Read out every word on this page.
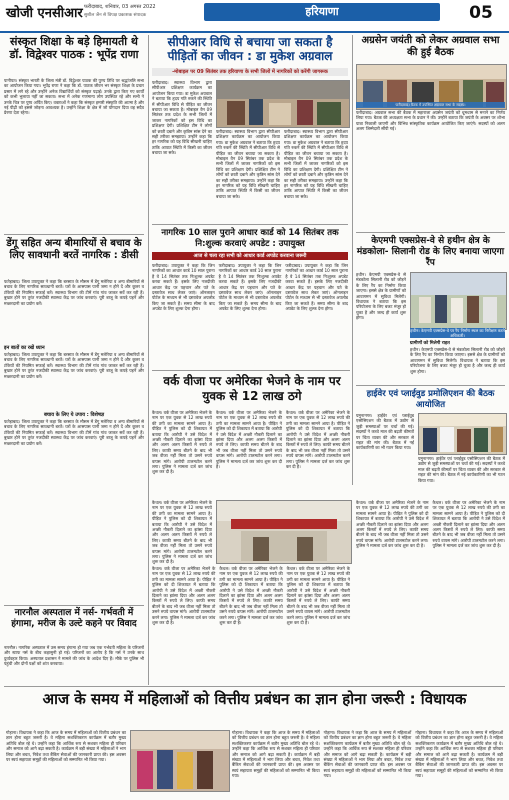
खोजी एनसीआर फरीदाबाद, शनिवार, 03 अगस्त 2022
सुशील जैन से विपक्ष प्रकाशक संपादक	हरियाणा	05
संस्कृत शिक्षा के बड़े हिमायती थे डॉ. विद्वेश्वर पाठक : भूपेंद्र राणा
पानीपत। संस्कृत भारती के जिला मंत्री डॉ. विद्वेश्वर पाठक की पुण्य तिथि पर श्रद्धांजलि सभा का आयोजन किया गया। भूपेंद्र राणा ने कहा कि डॉ. पाठक जीवन भर संस्कृत शिक्षा के प्रचार प्रसार में लगे रहे और उन्होंने अनेक विद्यार्थियों को संस्कृत पढ़ाई। उनके द्वारा किए गए कार्यों को कभी भुलाया नहीं जा सकता। सभा में अनेक गणमान्य लोग उपस्थित रहे और सभी ने उनके चित्र पर पुष्प अर्पित किए। वक्ताओं ने कहा कि संस्कृत हमारी संस्कृति की आत्मा है और नई पीढ़ी को इससे जोड़ना आवश्यक है। उन्होंने शिक्षा के क्षेत्र में जो योगदान दिया वह सदैव प्रेरणा देता रहेगा।
डेंगू सहित अन्य बीमारियों से बचाव के लिए सावधानी बरतें नागरिक : डीसी
फतेहाबाद। जिला उपायुक्त ने कहा कि बरसात के मौसम में डेंगू मलेरिया व अन्य बीमारियों से बचाव के लिए नागरिक सावधानी बरतें। घरों के आसपास पानी जमा न होने दें और कूलर व टंकियों की नियमित सफाई करें। स्वास्थ्य विभाग की टीमें गांव गांव जाकर सर्वे कर रही हैं। बुखार होने पर तुरंत नजदीकी स्वास्थ्य केंद्र पर जांच करवाएं। पूरी बाजू के कपड़े पहनें और मच्छरदानी का प्रयोग करें।
इन बातों का रखें ध्यान
फतेहाबाद। जिला उपायुक्त ने कहा कि बरसात के मौसम में डेंगू मलेरिया व अन्य बीमारियों से बचाव के लिए नागरिक सावधानी बरतें। घरों के आसपास पानी जमा न होने दें और कूलर व टंकियों की नियमित सफाई करें। स्वास्थ्य विभाग की टीमें गांव गांव जाकर सर्वे कर रही हैं। बुखार होने पर तुरंत नजदीकी स्वास्थ्य केंद्र पर जांच करवाएं। पूरी बाजू के कपड़े पहनें और मच्छरदानी का प्रयोग करें।
बचाव के लिए ये उपाय : विशेषज्ञ
फतेहाबाद। जिला उपायुक्त ने कहा कि बरसात के मौसम में डेंगू मलेरिया व अन्य बीमारियों से बचाव के लिए नागरिक सावधानी बरतें। घरों के आसपास पानी जमा न होने दें और कूलर व टंकियों की नियमित सफाई करें। स्वास्थ्य विभाग की टीमें गांव गांव जाकर सर्वे कर रही हैं। बुखार होने पर तुरंत नजदीकी स्वास्थ्य केंद्र पर जांच करवाएं। पूरी बाजू के कपड़े पहनें और मच्छरदानी का प्रयोग करें।
नारनौल अस्पताल में नर्स- गर्भवती में हंगामा, मरीज के उल्टे कहने पर विवाद
नारनौल। नागरिक अस्पताल में उस समय हंगामा हो गया जब एक गर्भवती महिला के परिजनों और स्टाफ नर्स के बीच कहासुनी हो गई। परिजनों का आरोप है कि नर्स ने उनके साथ दुर्व्यवहार किया। अस्पताल प्रशासन ने मामले की जांच के आदेश दिए हैं। मौके पर पुलिस भी पहुंची और दोनों पक्षों को शांत करवाया।
सीपीआर विधि से बचाया जा सकता है पीड़ितों का जीवन : डा मुकेश अग्रवाल
-मोबाइल पर 09 सितंबर तक हरियाणा के सभी जिलों में नागरिकों को करेंगी जागरूक
फरीदाबाद। स्वास्थ्य विभाग द्वारा सीपीआर प्रशिक्षण कार्यक्रम का आयोजन किया गया। डा मुकेश अग्रवाल ने बताया कि हृदय गति रुकने की स्थिति में सीपीआर विधि से पीड़ित का जीवन बचाया जा सकता है। मोबाइल वैन 09 सितंबर तक प्रदेश के सभी जिलों में जाकर नागरिकों को इस विधि का प्रशिक्षण देगी। प्रशिक्षित टीम ने लोगों को छाती दबाने और कृत्रिम सांस देने का सही तरीका समझाया। उन्होंने कहा कि हर नागरिक को यह विधि सीखनी चाहिए ताकि आपात स्थिति में किसी का जीवन बचाया जा सके।
फरीदाबाद। स्वास्थ्य विभाग द्वारा सीपीआर प्रशिक्षण कार्यक्रम का आयोजन किया गया। डा मुकेश अग्रवाल ने बताया कि हृदय गति रुकने की स्थिति में सीपीआर विधि से पीड़ित का जीवन बचाया जा सकता है। मोबाइल वैन 09 सितंबर तक प्रदेश के सभी जिलों में जाकर नागरिकों को इस विधि का प्रशिक्षण देगी। प्रशिक्षित टीम ने लोगों को छाती दबाने और कृत्रिम सांस देने का सही तरीका समझाया। उन्होंने कहा कि हर नागरिक को यह विधि सीखनी चाहिए ताकि आपात स्थिति में किसी का जीवन बचाया जा सके।
फरीदाबाद। स्वास्थ्य विभाग द्वारा सीपीआर प्रशिक्षण कार्यक्रम का आयोजन किया गया। डा मुकेश अग्रवाल ने बताया कि हृदय गति रुकने की स्थिति में सीपीआर विधि से पीड़ित का जीवन बचाया जा सकता है। मोबाइल वैन 09 सितंबर तक प्रदेश के सभी जिलों में जाकर नागरिकों को इस विधि का प्रशिक्षण देगी। प्रशिक्षित टीम ने लोगों को छाती दबाने और कृत्रिम सांस देने का सही तरीका समझाया। उन्होंने कहा कि हर नागरिक को यह विधि सीखनी चाहिए ताकि आपात स्थिति में किसी का जीवन बचाया जा सके।
नागरिक 10 साल पुराने आधार कार्ड को 14 सितंबर तक नि:शुल्क करवाएं अपडेट : उपायुक्त
आज से चला रहा सभी को आधार कार्ड अपडेट करवाना जरूरी
फरीदाबाद। उपायुक्त ने कहा कि जिन नागरिकों का आधार कार्ड 10 साल पुराना है वे 14 सितंबर तक निःशुल्क अपडेट करवा सकते हैं। इसके लिए नजदीकी आधार केंद्र पर पहचान और पते के दस्तावेज साथ लेकर जाएं। ऑनलाइन पोर्टल के माध्यम से भी दस्तावेज अपलोड किए जा सकते हैं। समय सीमा के बाद अपडेट के लिए शुल्क देना होगा।
फरीदाबाद। उपायुक्त ने कहा कि जिन नागरिकों का आधार कार्ड 10 साल पुराना है वे 14 सितंबर तक निःशुल्क अपडेट करवा सकते हैं। इसके लिए नजदीकी आधार केंद्र पर पहचान और पते के दस्तावेज साथ लेकर जाएं। ऑनलाइन पोर्टल के माध्यम से भी दस्तावेज अपलोड किए जा सकते हैं। समय सीमा के बाद अपडेट के लिए शुल्क देना होगा।
फरीदाबाद। उपायुक्त ने कहा कि जिन नागरिकों का आधार कार्ड 10 साल पुराना है वे 14 सितंबर तक निःशुल्क अपडेट करवा सकते हैं। इसके लिए नजदीकी आधार केंद्र पर पहचान और पते के दस्तावेज साथ लेकर जाएं। ऑनलाइन पोर्टल के माध्यम से भी दस्तावेज अपलोड किए जा सकते हैं। समय सीमा के बाद अपडेट के लिए शुल्क देना होगा।
अग्रसेन जयंती को लेकर अग्रवाल सभा की हुई बैठक
फरीदाबाद। अग्रवाल सभा की बैठक में महाराजा अग्रसेन जयंती को धूमधाम से मनाने का निर्णय लिया गया। बैठक की अध्यक्षता सभा के प्रधान ने की। उन्होंने बताया कि जयंती के अवसर पर शोभा यात्रा निकाली जाएगी और विभिन्न सांस्कृतिक कार्यक्रम आयोजित किए जाएंगे। सदस्यों को अलग अलग जिम्मेदारी सौंपी गई।
केएमपी एक्सप्रेस-वे से हथीन क्षेत्र के मंडकोला- सिलानी रोड के लिए बनाया जाएगा रैंप
हथीन। केएमपी एक्सप्रेस-वे से मंडकोला सिलानी रोड को जोड़ने के लिए रैंप का निर्माण किया जाएगा। इससे क्षेत्र के ग्रामीणों को आवागमन में सुविधा मिलेगी। विधायक ने बताया कि इस परियोजना के लिए बजट मंजूर हो चुका है और जल्द ही कार्य शुरू होगा।
हथीन। केएमपी एक्सप्रेस-वे पर रैंप निर्माण स्थल का निरीक्षण करते अधिकारी।
ग्रामीणों को मिलेगी राहत
हथीन। केएमपी एक्सप्रेस-वे से मंडकोला सिलानी रोड को जोड़ने के लिए रैंप का निर्माण किया जाएगा। इससे क्षेत्र के ग्रामीणों को आवागमन में सुविधा मिलेगी। विधायक ने बताया कि इस परियोजना के लिए बजट मंजूर हो चुका है और जल्द ही कार्य शुरू होगा।
हाईवेर एवं प्लाईवुड प्रमोलिएशन की बैठक आयोजित
यमुनानगर। हाईवेर एवं प्लाईवुड एसोसिएशन की बैठक में उद्योग से जुड़ी समस्याओं पर चर्चा की गई। सदस्यों ने कच्चे माल की बढ़ती कीमतों पर चिंता व्यक्त की और सरकार से राहत की मांग की। बैठक में नई कार्यकारिणी का भी गठन किया गया।
यमुनानगर। हाईवेर एवं प्लाईवुड एसोसिएशन की बैठक में उद्योग से जुड़ी समस्याओं पर चर्चा की गई। सदस्यों ने कच्चे माल की बढ़ती कीमतों पर चिंता व्यक्त की और सरकार से राहत की मांग की। बैठक में नई कार्यकारिणी का भी गठन किया गया।
वर्क वीजा पर अमेरिका भेजने के नाम पर युवक से 12 लाख ठगे
कैथल। वर्क वीजा पर अमेरिका भेजने के नाम पर एक युवक से 12 लाख रुपये की ठगी का मामला सामने आया है। पीड़ित ने पुलिस को दी शिकायत में बताया कि आरोपी ने उसे विदेश में अच्छी नौकरी दिलाने का झांसा दिया और अलग अलग किस्तों में रुपये ले लिए। काफी समय बीतने के बाद भी जब वीजा नहीं मिला तो उसने रुपये वापस मांगे। आरोपी टालमटोल करने लगा। पुलिस ने मामला दर्ज कर जांच शुरू कर दी है।
कैथल। वर्क वीजा पर अमेरिका भेजने के नाम पर एक युवक से 12 लाख रुपये की ठगी का मामला सामने आया है। पीड़ित ने पुलिस को दी शिकायत में बताया कि आरोपी ने उसे विदेश में अच्छी नौकरी दिलाने का झांसा दिया और अलग अलग किस्तों में रुपये ले लिए। काफी समय बीतने के बाद भी जब वीजा नहीं मिला तो उसने रुपये वापस मांगे। आरोपी टालमटोल करने लगा। पुलिस ने मामला दर्ज कर जांच शुरू कर दी है।
कैथल। वर्क वीजा पर अमेरिका भेजने के नाम पर एक युवक से 12 लाख रुपये की ठगी का मामला सामने आया है। पीड़ित ने पुलिस को दी शिकायत में बताया कि आरोपी ने उसे विदेश में अच्छी नौकरी दिलाने का झांसा दिया और अलग अलग किस्तों में रुपये ले लिए। काफी समय बीतने के बाद भी जब वीजा नहीं मिला तो उसने रुपये वापस मांगे। आरोपी टालमटोल करने लगा। पुलिस ने मामला दर्ज कर जांच शुरू कर दी है।
कैथल। वर्क वीजा पर अमेरिका भेजने के नाम पर एक युवक से 12 लाख रुपये की ठगी का मामला सामने आया है। पीड़ित ने पुलिस को दी शिकायत में बताया कि आरोपी ने उसे विदेश में अच्छी नौकरी दिलाने का झांसा दिया और अलग अलग किस्तों में रुपये ले लिए। काफी समय बीतने के बाद भी जब वीजा नहीं मिला तो उसने रुपये वापस मांगे। आरोपी टालमटोल करने लगा। पुलिस ने मामला दर्ज कर जांच शुरू कर दी है।
कैथल। वर्क वीजा पर अमेरिका भेजने के नाम पर एक युवक से 12 लाख रुपये की ठगी का मामला सामने आया है। पीड़ित ने पुलिस को दी शिकायत में बताया कि आरोपी ने उसे विदेश में अच्छी नौकरी दिलाने का झांसा दिया और अलग अलग किस्तों में रुपये ले लिए। काफी समय बीतने के बाद भी जब वीजा नहीं मिला तो उसने रुपये वापस मांगे। आरोपी टालमटोल करने लगा। पुलिस ने मामला दर्ज कर जांच शुरू कर दी है।
कैथल। वर्क वीजा पर अमेरिका भेजने के नाम पर एक युवक से 12 लाख रुपये की ठगी का मामला सामने आया है। पीड़ित ने पुलिस को दी शिकायत में बताया कि आरोपी ने उसे विदेश में अच्छी नौकरी दिलाने का झांसा दिया और अलग अलग किस्तों में रुपये ले लिए। काफी समय बीतने के बाद भी जब वीजा नहीं मिला तो उसने रुपये वापस मांगे। आरोपी टालमटोल करने लगा। पुलिस ने मामला दर्ज कर जांच शुरू कर दी है।
कैथल। वर्क वीजा पर अमेरिका भेजने के नाम पर एक युवक से 12 लाख रुपये की ठगी का मामला सामने आया है। पीड़ित ने पुलिस को दी शिकायत में बताया कि आरोपी ने उसे विदेश में अच्छी नौकरी दिलाने का झांसा दिया और अलग अलग किस्तों में रुपये ले लिए। काफी समय बीतने के बाद भी जब वीजा नहीं मिला तो उसने रुपये वापस मांगे। आरोपी टालमटोल करने लगा। पुलिस ने मामला दर्ज कर जांच शुरू कर दी है।
कैथल। वर्क वीजा पर अमेरिका भेजने के नाम पर एक युवक से 12 लाख रुपये की ठगी का मामला सामने आया है। पीड़ित ने पुलिस को दी शिकायत में बताया कि आरोपी ने उसे विदेश में अच्छी नौकरी दिलाने का झांसा दिया और अलग अलग किस्तों में रुपये ले लिए। काफी समय बीतने के बाद भी जब वीजा नहीं मिला तो उसने रुपये वापस मांगे। आरोपी टालमटोल करने लगा। पुलिस ने मामला दर्ज कर जांच शुरू कर दी है।
कैथल। वर्क वीजा पर अमेरिका भेजने के नाम पर एक युवक से 12 लाख रुपये की ठगी का मामला सामने आया है। पीड़ित ने पुलिस को दी शिकायत में बताया कि आरोपी ने उसे विदेश में अच्छी नौकरी दिलाने का झांसा दिया और अलग अलग किस्तों में रुपये ले लिए। काफी समय बीतने के बाद भी जब वीजा नहीं मिला तो उसने रुपये वापस मांगे। आरोपी टालमटोल करने लगा। पुलिस ने मामला दर्ज कर जांच शुरू कर दी है।
आज के समय में महिलाओं को वित्तीय प्रबंधन का ज्ञान होना जरूरी : विधायक
गोहाना। विधायक ने कहा कि आज के समय में महिलाओं को वित्तीय प्रबंधन का ज्ञान होना बहुत जरूरी है। वे महिला सशक्तिकरण कार्यक्रम में बतौर मुख्य अतिथि बोल रहे थे। उन्होंने कहा कि आर्थिक रूप से सशक्त महिला ही परिवार और समाज को आगे बढ़ा सकती है। कार्यक्रम में बड़ी संख्या में महिलाओं ने भाग लिया और बचत, निवेश तथा बैंकिंग सेवाओं की जानकारी प्राप्त की। इस अवसर पर स्वयं सहायता समूहों की महिलाओं को सम्मानित भी किया गया।
गोहाना। विधायक ने कहा कि आज के समय में महिलाओं को वित्तीय प्रबंधन का ज्ञान होना बहुत जरूरी है। वे महिला सशक्तिकरण कार्यक्रम में बतौर मुख्य अतिथि बोल रहे थे। उन्होंने कहा कि आर्थिक रूप से सशक्त महिला ही परिवार और समाज को आगे बढ़ा सकती है। कार्यक्रम में बड़ी संख्या में महिलाओं ने भाग लिया और बचत, निवेश तथा बैंकिंग सेवाओं की जानकारी प्राप्त की। इस अवसर पर स्वयं सहायता समूहों की महिलाओं को सम्मानित भी किया गया।
गोहाना। विधायक ने कहा कि आज के समय में महिलाओं को वित्तीय प्रबंधन का ज्ञान होना बहुत जरूरी है। वे महिला सशक्तिकरण कार्यक्रम में बतौर मुख्य अतिथि बोल रहे थे। उन्होंने कहा कि आर्थिक रूप से सशक्त महिला ही परिवार और समाज को आगे बढ़ा सकती है। कार्यक्रम में बड़ी संख्या में महिलाओं ने भाग लिया और बचत, निवेश तथा बैंकिंग सेवाओं की जानकारी प्राप्त की। इस अवसर पर स्वयं सहायता समूहों की महिलाओं को सम्मानित भी किया गया।
गोहाना। विधायक ने कहा कि आज के समय में महिलाओं को वित्तीय प्रबंधन का ज्ञान होना बहुत जरूरी है। वे महिला सशक्तिकरण कार्यक्रम में बतौर मुख्य अतिथि बोल रहे थे। उन्होंने कहा कि आर्थिक रूप से सशक्त महिला ही परिवार और समाज को आगे बढ़ा सकती है। कार्यक्रम में बड़ी संख्या में महिलाओं ने भाग लिया और बचत, निवेश तथा बैंकिंग सेवाओं की जानकारी प्राप्त की। इस अवसर पर स्वयं सहायता समूहों की महिलाओं को सम्मानित भी किया गया।
फरीदाबाद। बैठक में उपस्थित अग्रवाल सभा के सदस्य।
